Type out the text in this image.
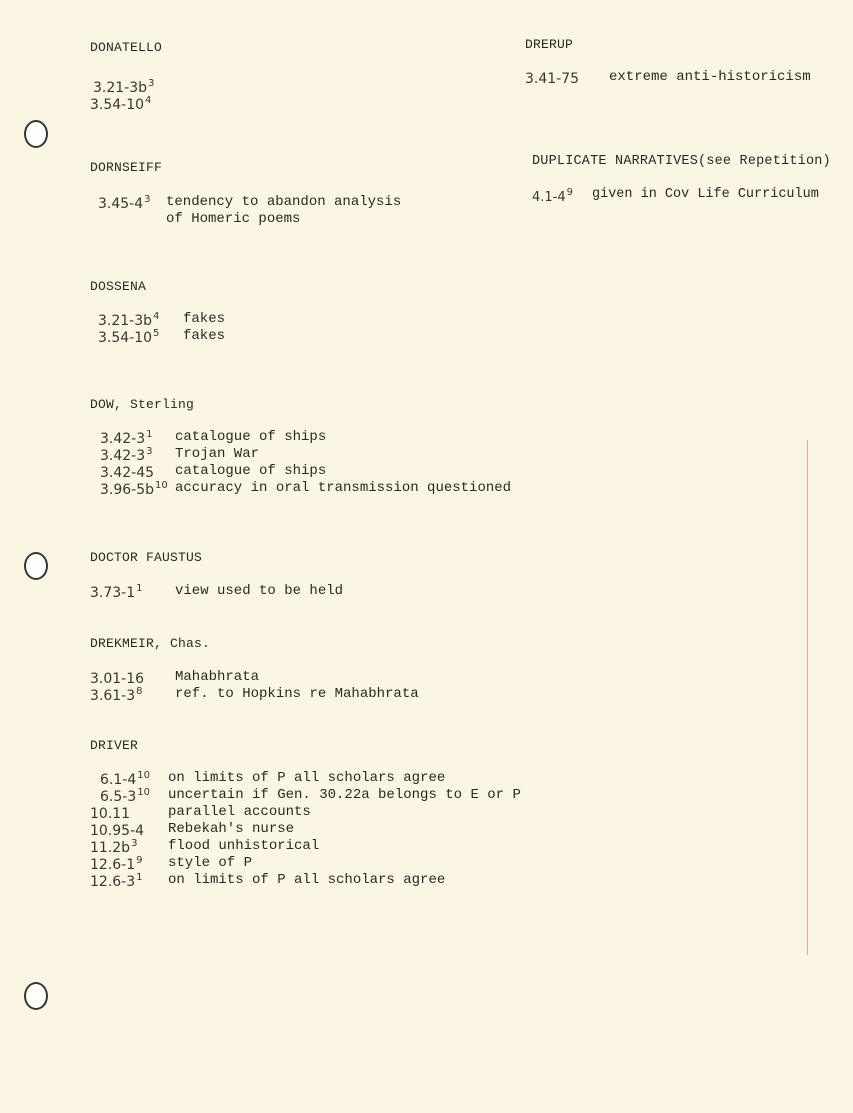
DONATELLO
$3.21-3b^3$
$3.54-10^4$
DORNSEIFF
$3.45-4^3$ tendency to abandon analysis
of Homeric poems
DOSSENA
$3.21-3b^4$ fakes
$3.54-10^5$ fakes
DOW, Sterling
$3.42-3^1$ catalogue of ships
$3.42-3^3$ Trojan War
3.42-45 catalogue of ships
$3.96-5b^{10}$ accuracy in oral transmission questioned
DOCTOR FAUSTUS
$3.73-1^1$ view used to be held
DREKMEIR, Chas.
3.01-16 Mahabhrata
$3.61-3^8$ ref. to Hopkins re Mahabhrata
DRIVER
$6.1-4^{10}$ on limits of P all scholars agree
$6.5-3^{10}$ uncertain if Gen. 30.22a belongs to E or P
10.11	parallel accounts
10.95-4 Rebekah's nurse
$11.2b^3$ flood unhistorical
$12.6-1^9$ style of P
$12.6-3^1$ on limits of P all scholars agree
DRERUP
3.41-75 extreme anti-historicism
DUPLICATE NARRATIVES(see Repetition)
$4.1-4^9$ given in Cov Life Curriculum
